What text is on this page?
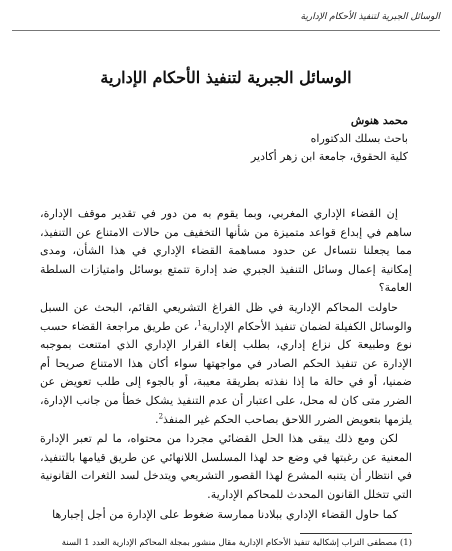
الوسائل الجبرية لتنفيذ الأحكام الإدارية
الوسائل الجبرية لتنفيذ الأحكام الإدارية
محمد هنوش
باحث بسلك الدكتوراه
كلية الحقوق، جامعة ابن زهر أكادير

إن القضاء الإداري المغربي، وبما يقوم به من دور في تقدير موقف الإدارة، ساهم في إبداع قواعد متميزة من شأنها التخفيف من حالات الامتناع عن التنفيذ، مما يجعلنا نتساءل عن حدود مساهمة القضاء الإداري في هذا الشأن، ومدى إمكانية إعمال وسائل التنفيذ الجبري ضد إدارة تتمتع بوسائل وامتيازات السلطة العامة؟

حاولت المحاكم الإدارية في ظل الفراغ التشريعي القائم، البحث عن السبل والوسائل الكفيلة لضمان تنفيذ الأحكام الإدارية$^1$، عن طريق مراجعة القضاء حسب نوع وطبيعة كل نزاع إداري، بطلب إلغاء القرار الإداري الذي امتنعت بموجبه الإدارة عن تنفيذ الحكم الصادر في مواجهتها سواء أكان هذا الامتناع صريحا أم ضمنيا، أو في حالة ما إذا نفذته بطريقة معيبة، أو بالجوء إلى طلب تعويض عن الضرر متى كان له محل، على اعتبار أن عدم التنفيذ يشكل خطأ من جانب الإدارة، يلزمها بتعويض الضرر اللاحق بصاحب الحكم غير المنفذ$^2$.

لكن ومع ذلك يبقى هذا الحل القضائي مجردا من محتواه، ما لم تعبر الإدارة المعنية عن رغبتها في وضع حد لهذا المسلسل اللانهائي عن طريق قيامها بالتنفيذ، في انتظار أن يتنبه المشرع لهذا القصور التشريعي ويتدخل لسد الثغرات القانونية التي تتخلل القانون المحدث للمحاكم الإدارية.

كما حاول القضاء الإداري ببلادنا ممارسة ضغوط على الإدارة من أجل إجبارها

(1) مصطفى التراب إشكالية تنفيذ الأحكام الإدارية مقال منشور بمجلة المحاكم الإدارية العدد 1 السنة
